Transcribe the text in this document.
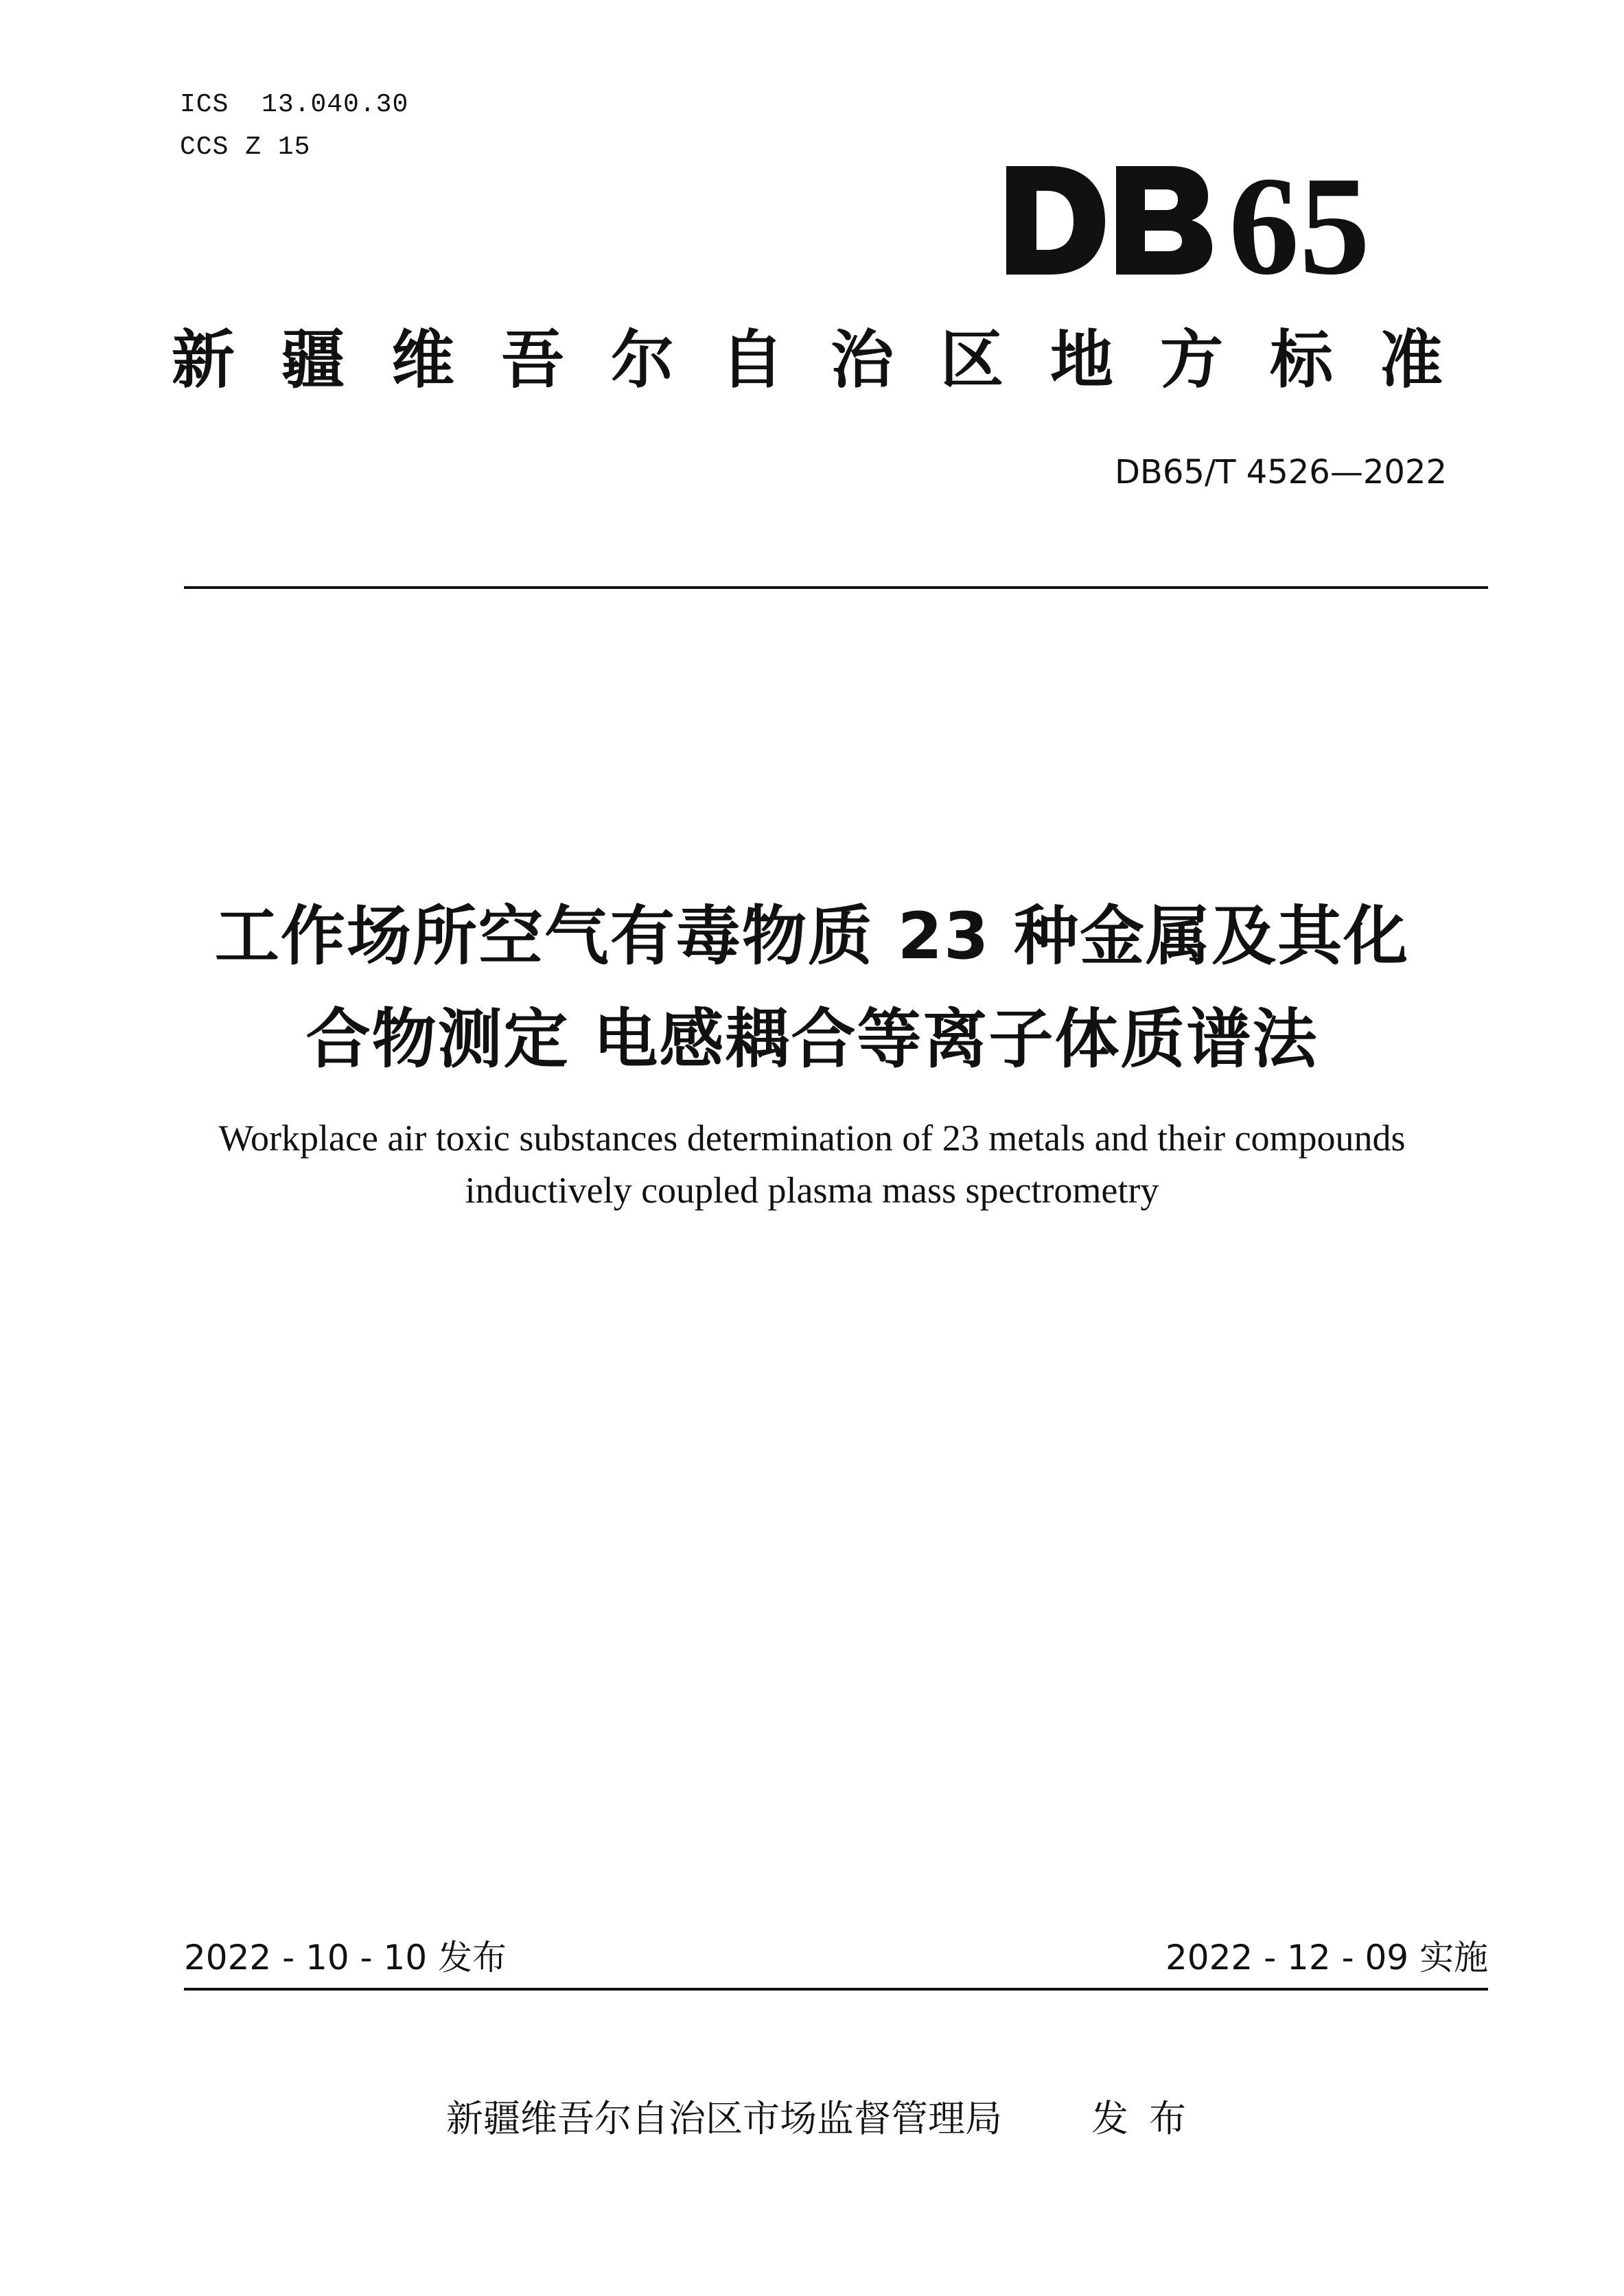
ICS 13.040.30
CCS Z 15	65
DB65
新疆维吾尔自治区地方标准
DB65/T 4526—2022
工作场所空气有毒物质 23 种金属及其化
合物测定 电感耦合等离子体质谱法
Workplace air toxic substances determination of 23 metals and their compounds
inductively coupled plasma mass spectrometry
2022 - 10 - 10 发布	2022 - 12 - 09 实施
新疆维吾尔自治区市场监督管理局 发布
